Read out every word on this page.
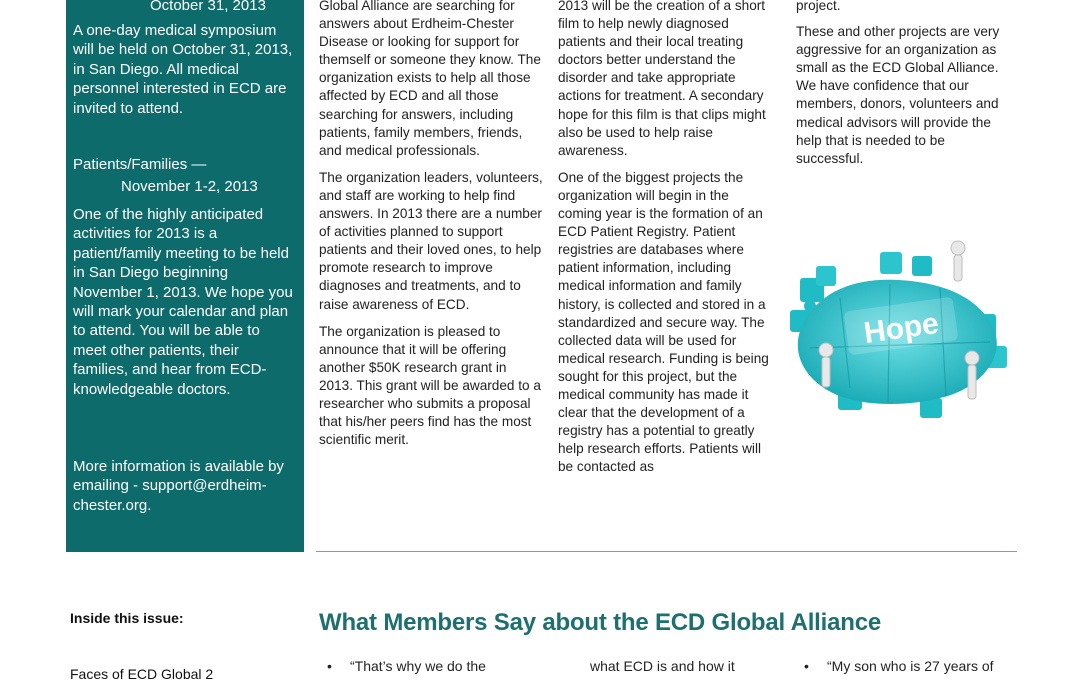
October 31, 2013
A one-day medical symposium will be held on October 31, 2013, in San Diego. All medical personnel interested in ECD are invited to attend.
Patients/Families —
November 1-2, 2013
One of the highly anticipated activities for 2013 is a patient/family meeting to be held in San Diego beginning November 1, 2013. We hope you will mark your calendar and plan to attend. You will be able to meet other patients, their families, and hear from ECD-knowledgeable doctors.
More information is available by emailing - support@erdheim-chester.org.

Global Alliance are searching for answers about Erdheim-Chester Disease or looking for support for themself or someone they know. The organization exists to help all those affected by ECD and all those searching for answers, including patients, family members, friends, and medical professionals.

The organization leaders, volunteers, and staff are working to help find answers. In 2013 there are a number of activities planned to support patients and their loved ones, to help promote research to improve diagnoses and treatments, and to raise awareness of ECD.

The organization is pleased to announce that it will be offering another $50K research grant in 2013. This grant will be awarded to a researcher who submits a proposal that his/her peers find has the most scientific merit.

2013 will be the creation of a short film to help newly diagnosed patients and their local treating doctors better understand the disorder and take appropriate actions for treatment. A secondary hope for this film is that clips might also be used to help raise awareness.

One of the biggest projects the organization will begin in the coming year is the formation of an ECD Patient Registry. Patient registries are databases where patient information, including medical information and family history, is collected and stored in a standardized and secure way. The collected data will be used for medical research. Funding is being sought for this project, but the medical community has made it clear that the development of a registry has a potential to greatly help research efforts. Patients will be contacted as

project.

These and other projects are very aggressive for an organization as small as the ECD Global Alliance. We have confidence that our members, donors, volunteers and medical advisors will provide the help that is needed to be successful.

Hope
Inside this issue:
Faces of ECD Global 2
What Members Say about the ECD Global Alliance
• “That’s why we do the	what ECD is and how it
•	“My son who is 27 years of
